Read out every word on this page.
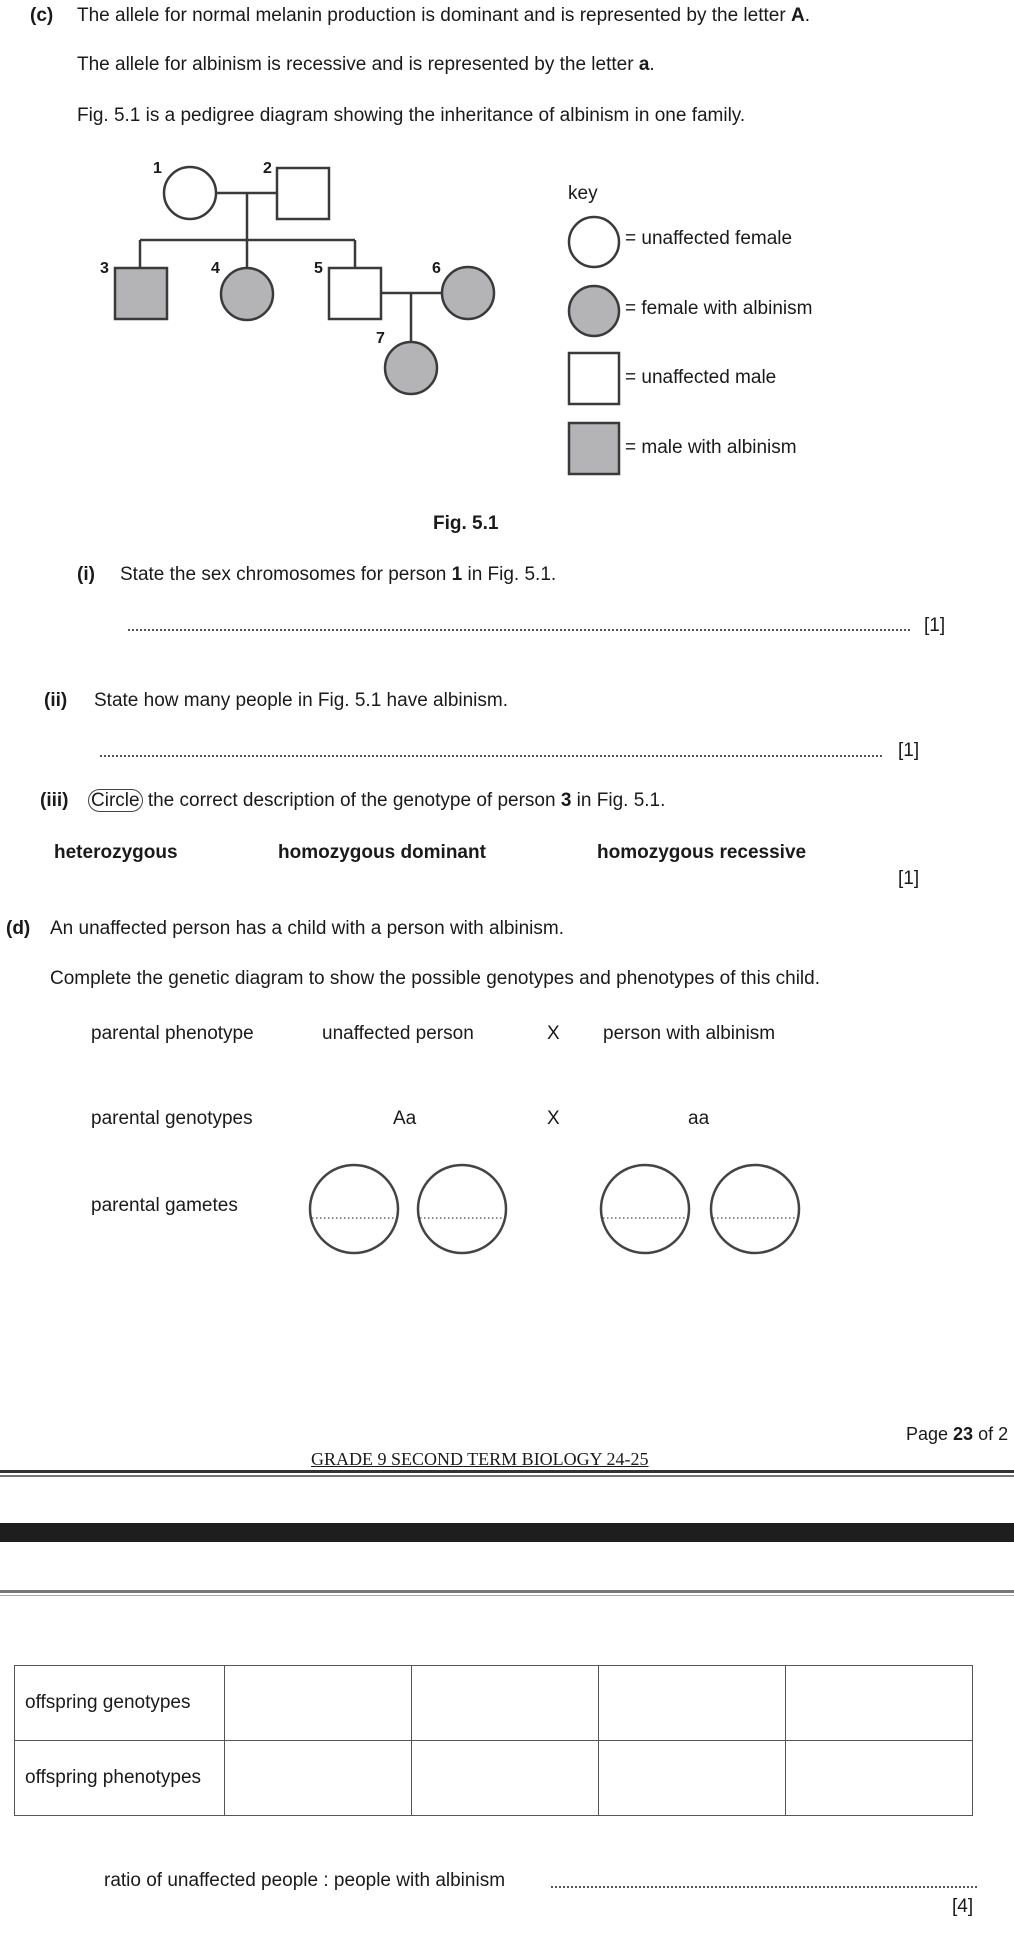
(c) The allele for normal melanin production is dominant and is represented by the letter A.
The allele for albinism is recessive and is represented by the letter a.
Fig. 5.1 is a pedigree diagram showing the inheritance of albinism in one family.
1	2
3	4	5	6
7
key
= unaffected female
= female with albinism
= unaffected male
= male with albinism
Fig. 5.1
(i) State the sex chromosomes for person 1 in Fig. 5.1.
[1]
(ii) State how many people in Fig. 5.1 have albinism.
[1]
(iii) Circle the correct description of the genotype of person 3 in Fig. 5.1.
heterozygous	homozygous dominant	homozygous recessive
[1]
(d) An unaffected person has a child with a person with albinism.
Complete the genetic diagram to show the possible genotypes and phenotypes of this child.
parental phenotype	unaffected person	X person with albinism
parental genotypes	Aa	X	aa
parental gametes
Page 23 of 2
GRADE 9 SECOND TERM BIOLOGY 24-25
offspring genotypes				
offspring phenotypes				
ratio of unaffected people : people with albinism
[4]
